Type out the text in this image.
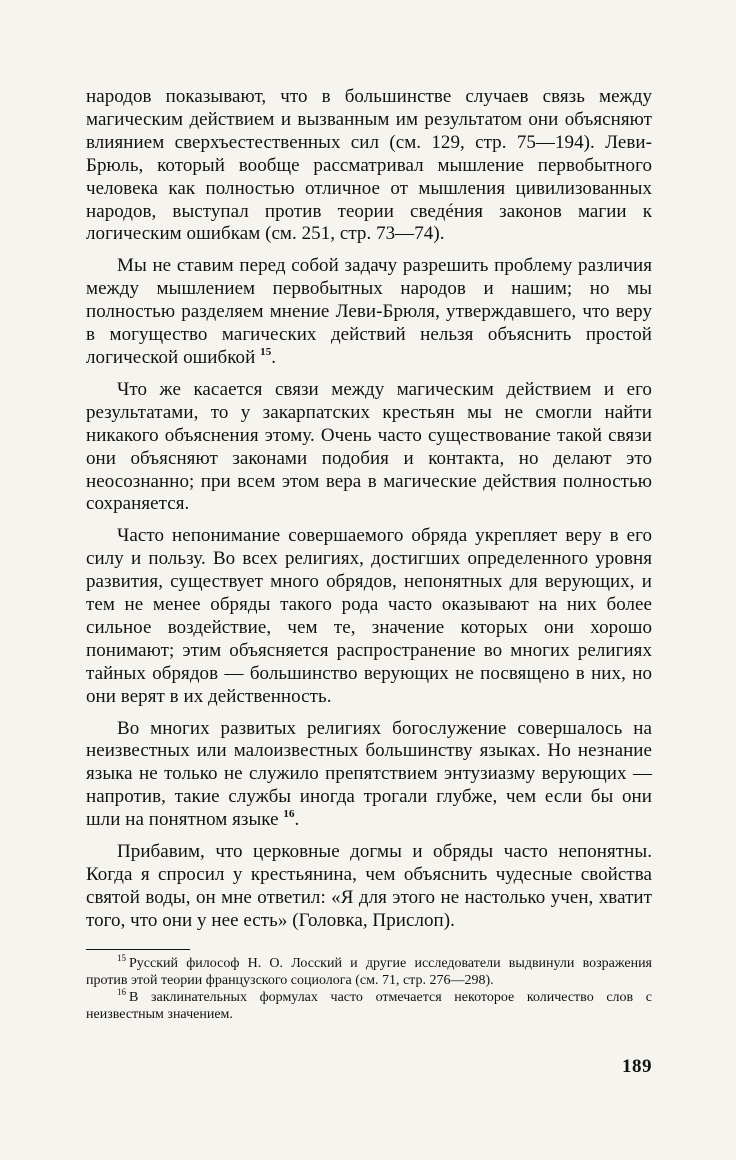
народов показывают, что в большинстве случаев связь между магическим действием и вызванным им результатом они объясняют влиянием сверхъестественных сил (см. 129, стр. 75—194). Леви-Брюль, который вообще рассматривал мышление первобытного человека как полностью отличное от мышления цивилизованных народов, выступал против теории сведéния законов магии к логическим ошибкам (см. 251, стр. 73—74).

Мы не ставим перед собой задачу разрешить проблему различия между мышлением первобытных народов и нашим; но мы полностью разделяем мнение Леви-Брюля, утверждавшего, что веру в могущество магических действий нельзя объяснить простой логической ошибкой $^{15}$.

Что же касается связи между магическим действием и его результатами, то у закарпатских крестьян мы не смогли найти никакого объяснения этому. Очень часто существование такой связи они объясняют законами подобия и контакта, но делают это неосознанно; при всем этом вера в магические действия полностью сохраняется.

Часто непонимание совершаемого обряда укрепляет веру в его силу и пользу. Во всех религиях, достигших определенного уровня развития, существует много обрядов, непонятных для верующих, и тем не менее обряды такого рода часто оказывают на них более сильное воздействие, чем те, значение которых они хорошо понимают; этим объясняется распространение во многих религиях тайных обрядов — большинство верующих не посвящено в них, но они верят в их действенность.

Во многих развитых религиях богослужение совершалось на неизвестных или малоизвестных большинству языках. Но незнание языка не только не служило препятствием энтузиазму верующих — напротив, такие службы иногда трогали глубже, чем если бы они шли на понятном языке $^{16}$.

Прибавим, что церковные догмы и обряды часто непонятны. Когда я спросил у крестьянина, чем объяснить чудесные свойства святой воды, он мне ответил: «Я для этого не настолько учен, хватит того, что они у нее есть» (Головка, Прислоп).

$^{15}$ Русский философ Н. О. Лосский и другие исследователи выдвинули возражения против этой теории французского социолога (см. 71, стр. 276—298).

$^{16}$ В заклинательных формулах часто отмечается некоторое количество слов с неизвестным значением.

189
